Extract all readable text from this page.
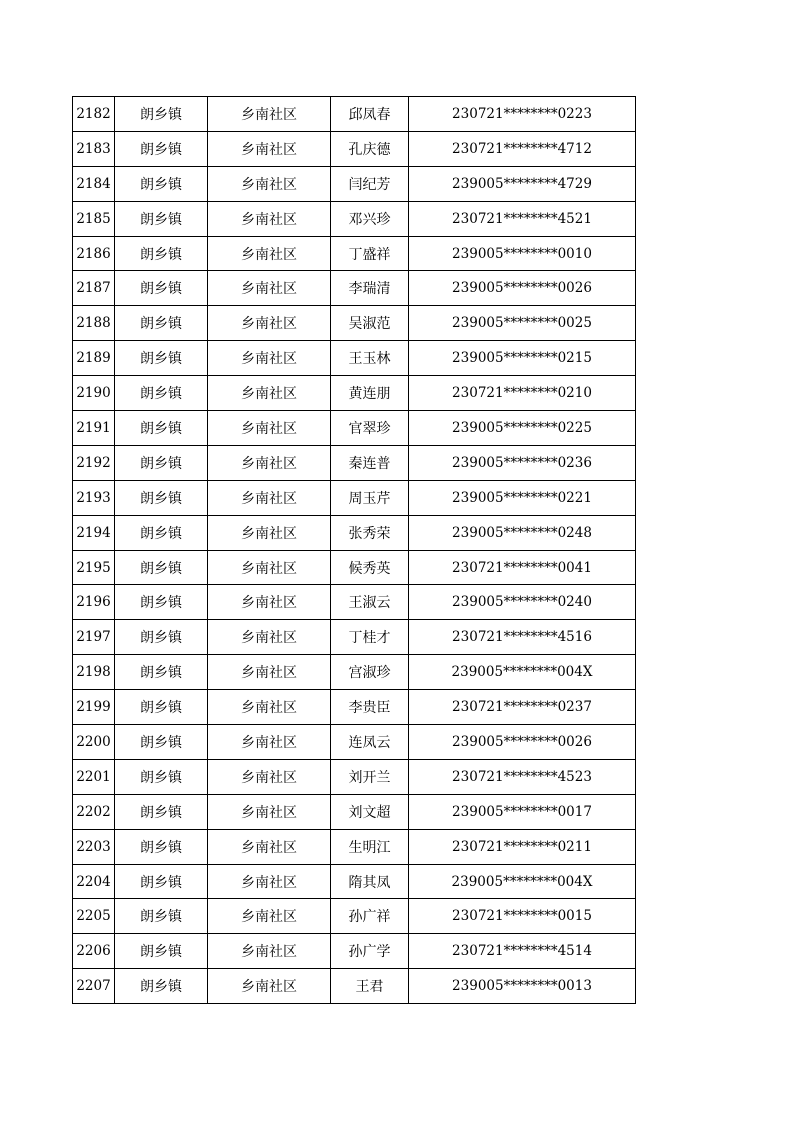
2182	朗乡镇	乡南社区	邱凤春	230721********0223
2183	朗乡镇	乡南社区	孔庆德	230721********4712
2184	朗乡镇	乡南社区	闫纪芳	239005********4729
2185	朗乡镇	乡南社区	邓兴珍	230721********4521
2186	朗乡镇	乡南社区	丁盛祥	239005********0010
2187	朗乡镇	乡南社区	李瑞清	239005********0026
2188	朗乡镇	乡南社区	吴淑范	239005********0025
2189	朗乡镇	乡南社区	王玉林	239005********0215
2190	朗乡镇	乡南社区	黄连朋	230721********0210
2191	朗乡镇	乡南社区	官翠珍	239005********0225
2192	朗乡镇	乡南社区	秦连普	239005********0236
2193	朗乡镇	乡南社区	周玉芹	239005********0221
2194	朗乡镇	乡南社区	张秀荣	239005********0248
2195	朗乡镇	乡南社区	候秀英	230721********0041
2196	朗乡镇	乡南社区	王淑云	239005********0240
2197	朗乡镇	乡南社区	丁桂才	230721********4516
2198	朗乡镇	乡南社区	宫淑珍	239005********004X
2199	朗乡镇	乡南社区	李贵臣	230721********0237
2200	朗乡镇	乡南社区	连凤云	239005********0026
2201	朗乡镇	乡南社区	刘开兰	230721********4523
2202	朗乡镇	乡南社区	刘文超	239005********0017
2203	朗乡镇	乡南社区	生明江	230721********0211
2204	朗乡镇	乡南社区	隋其凤	239005********004X
2205	朗乡镇	乡南社区	孙广祥	230721********0015
2206	朗乡镇	乡南社区	孙广学	230721********4514
2207	朗乡镇	乡南社区	王君	239005********0013
